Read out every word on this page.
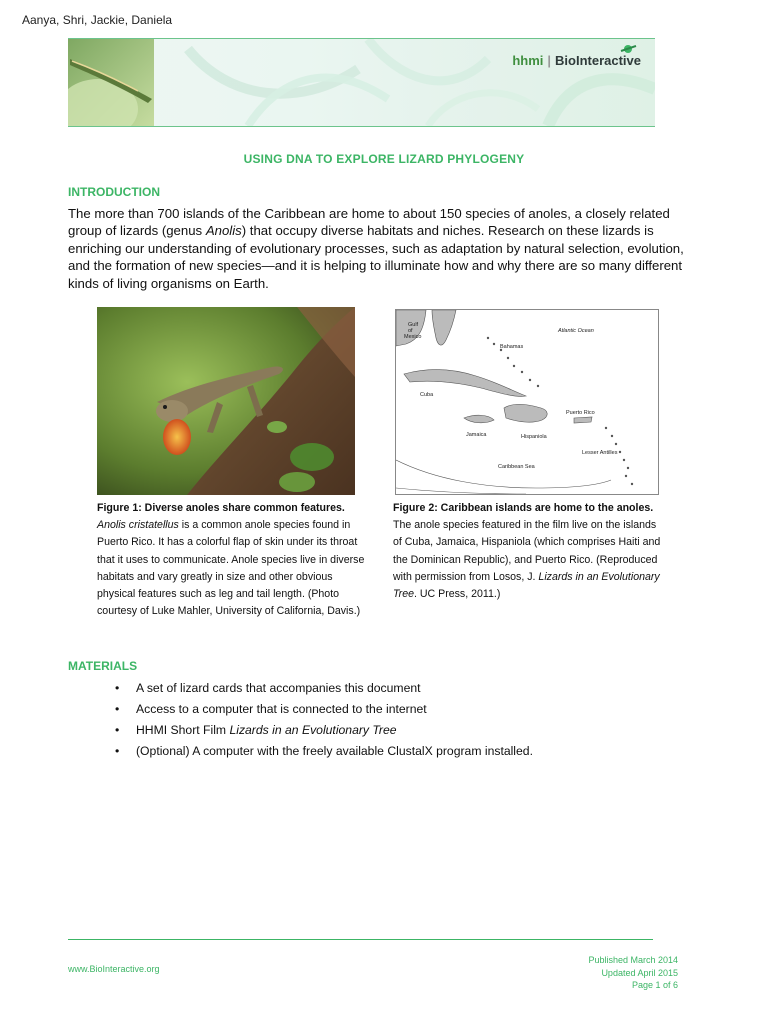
Aanya, Shri, Jackie, Daniela
hhmi | BioInteractive
USING DNA TO EXPLORE LIZARD PHYLOGENY
INTRODUCTION
The more than 700 islands of the Caribbean are home to about 150 species of anoles, a closely related group of lizards (genus Anolis) that occupy diverse habitats and niches. Research on these lizards is enriching our understanding of evolutionary processes, such as adaptation by natural selection, evolution, and the formation of new species—and it is helping to illuminate how and why there are so many different kinds of living organisms on Earth.
Gulf
of
Mexico
Atlantic Ocean
Bahamas
Cuba
Puerto Rico
Jamaica	Hispaniola
Lesser Antilles
Caribbean Sea
Figure 1: Diverse anoles share common features.
Anolis cristatellus is a common anole species found in Puerto Rico. It has a colorful flap of skin under its throat that it uses to communicate. Anole species live in diverse habitats and vary greatly in size and other obvious physical features such as leg and tail length. (Photo courtesy of Luke Mahler, University of California, Davis.)
Figure 2: Caribbean islands are home to the anoles. The anole species featured in the film live on the islands of Cuba, Jamaica, Hispaniola (which comprises Haiti and the Dominican Republic), and Puerto Rico. (Reproduced with permission from Losos, J. Lizards in an Evolutionary Tree. UC Press, 2011.)
MATERIALS
• A set of lizard cards that accompanies this document
• Access to a computer that is connected to the internet
• HHMI Short Film Lizards in an Evolutionary Tree
• (Optional) A computer with the freely available ClustalX program installed.
www.BioInteractive.org
Published March 2014
Updated April 2015
Page 1 of 6
